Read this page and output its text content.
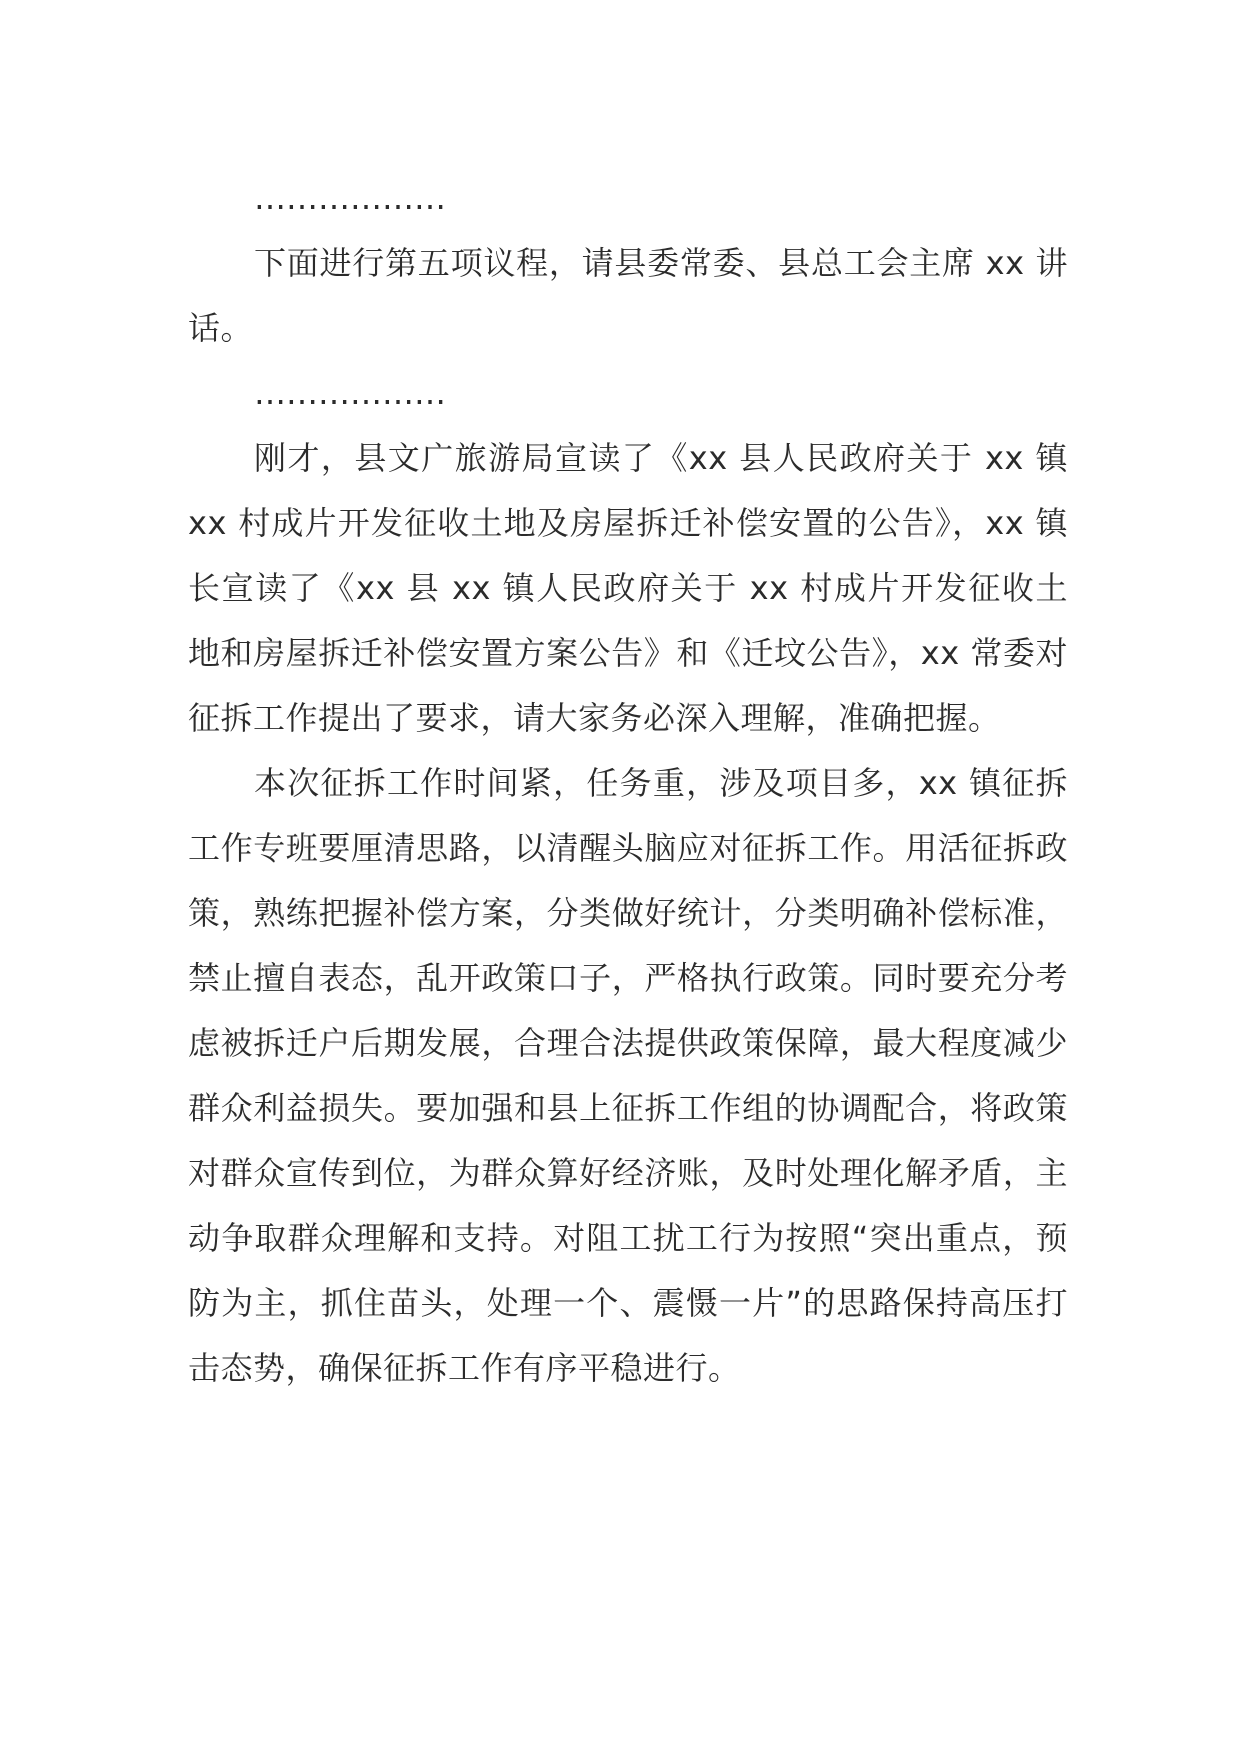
………………

下面进行第五项议程，请县委常委、县总工会主席 xx 讲话。

………………

刚才，县文广旅游局宣读了《xx 县人民政府关于 xx 镇 xx 村成片开发征收土地及房屋拆迁补偿安置的公告》，xx 镇长宣读了《xx 县 xx 镇人民政府关于 xx 村成片开发征收土地和房屋拆迁补偿安置方案公告》和《迁坟公告》，xx 常委对征拆工作提出了要求，请大家务必深入理解，准确把握。

本次征拆工作时间紧，任务重，涉及项目多，xx 镇征拆工作专班要厘清思路，以清醒头脑应对征拆工作。用活征拆政策，熟练把握补偿方案，分类做好统计，分类明确补偿标准，禁止擅自表态，乱开政策口子，严格执行政策。同时要充分考虑被拆迁户后期发展，合理合法提供政策保障，最大程度减少群众利益损失。要加强和县上征拆工作组的协调配合，将政策对群众宣传到位，为群众算好经济账，及时处理化解矛盾，主动争取群众理解和支持。对阻工扰工行为按照“突出重点，预防为主，抓住苗头，处理一个、震慑一片”的思路保持高压打击态势，确保征拆工作有序平稳进行。
